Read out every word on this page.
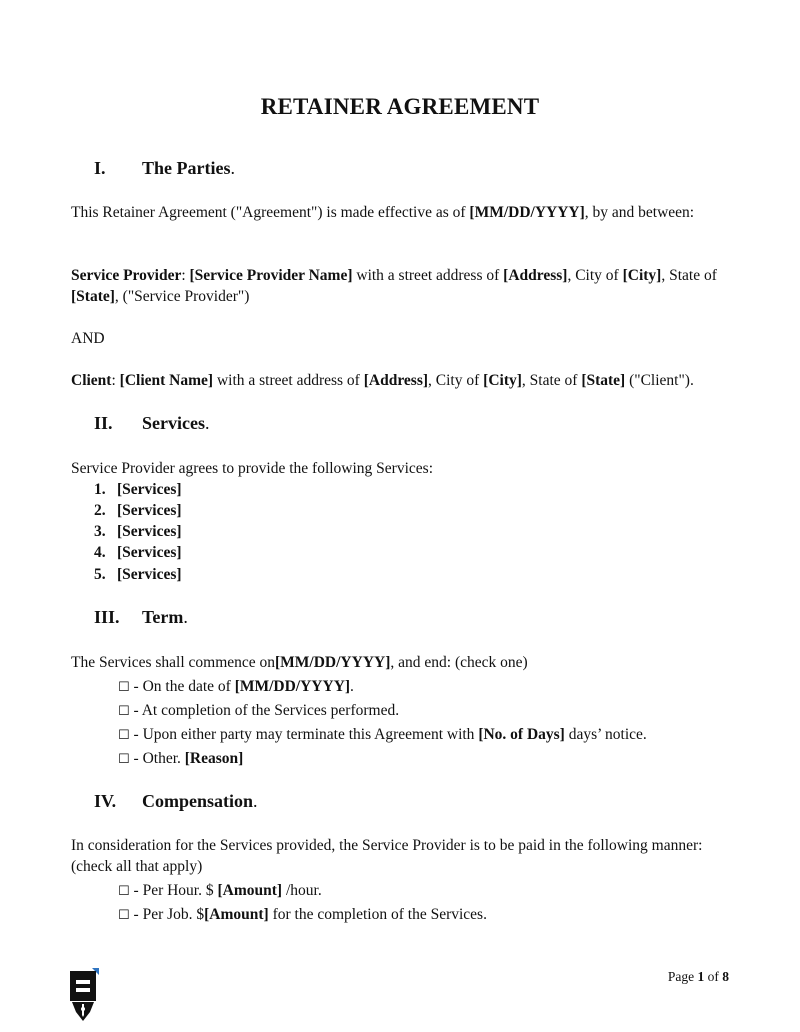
RETAINER AGREEMENT
I. The Parties.
This Retainer Agreement ("Agreement") is made effective as of [MM/DD/YYYY], by and between:
Service Provider: [Service Provider Name] with a street address of [Address], City of [City], State of [State], ("Service Provider")
AND
Client: [Client Name] with a street address of [Address], City of [City], State of [State] ("Client").
II. Services.
Service Provider agrees to provide the following Services:
1. [Services]
2. [Services]
3. [Services]
4. [Services]
5. [Services]
III. Term.
The Services shall commence on[MM/DD/YYYY], and end: (check one)
☐ - On the date of [MM/DD/YYYY].
☐ - At completion of the Services performed.
☐ - Upon either party may terminate this Agreement with [No. of Days] days’ notice.
☐ - Other. [Reason]
IV. Compensation.
In consideration for the Services provided, the Service Provider is to be paid in the following manner: (check all that apply)
☐ - Per Hour. $ [Amount] /hour.
☐ - Per Job. $[Amount] for the completion of the Services.
Page 1 of 8
